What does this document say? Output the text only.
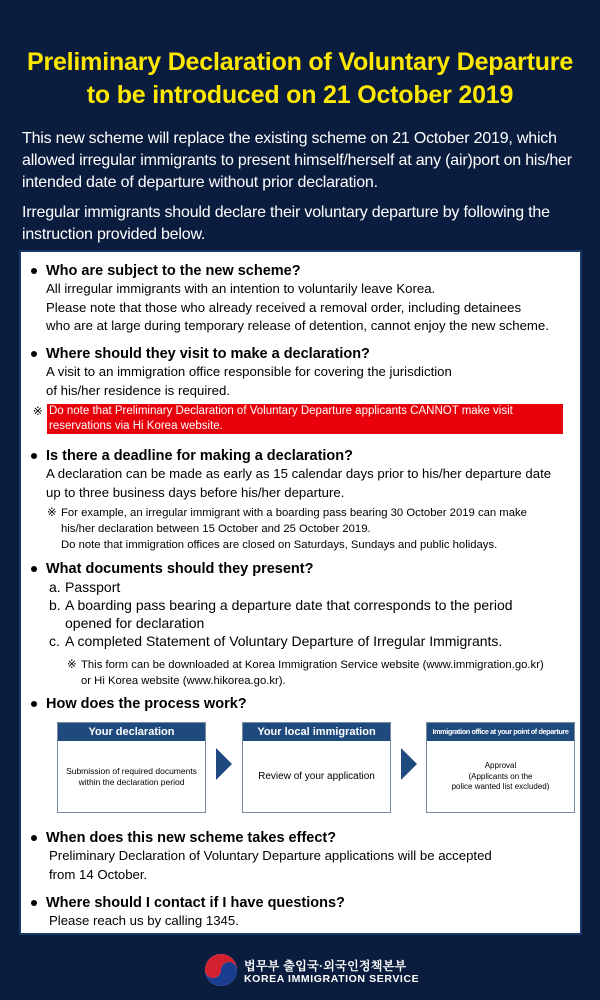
Preliminary Declaration of Voluntary Departure
to be introduced on 21 October 2019

This new scheme will replace the existing scheme on 21 October 2019, which allowed irregular immigrants to present himself/herself at any (air)port on his/her intended date of departure without prior declaration.

Irregular immigrants should declare their voluntary departure by following the instruction provided below.

Who are subject to the new scheme?
All irregular immigrants with an intention to voluntarily leave Korea.
Please note that those who already received a removal order, including detainees
who are at large during temporary release of detention, cannot enjoy the new scheme.
Where should they visit to make a declaration?
A visit to an immigration office responsible for covering the jurisdiction
of his/her residence is required.
※ Do note that Preliminary Declaration of Voluntary Departure applicants CANNOT make visit
reservations via Hi Korea website.
Is there a deadline for making a declaration?
A declaration can be made as early as 15 calendar days prior to his/her departure date
up to three business days before his/her departure.
※ For example, an irregular immigrant with a boarding pass bearing 30 October 2019 can make
his/her declaration between 15 October and 25 October 2019.
Do note that immigration offices are closed on Saturdays, Sundays and public holidays.
What documents should they present?
a. Passport
b. A boarding pass bearing a departure date that corresponds to the period
opened for declaration
c. A completed Statement of Voluntary Departure of Irregular Immigrants.
※ This form can be downloaded at Korea Immigration Service website (www.immigration.go.kr)
or Hi Korea website (www.hikorea.go.kr).
How does the process work?
Your declaration
Submission of required documents
within the declaration period
Your local immigration office
Review of your application
Immigration office at your point of departure
Approval
(Applicants on the
police wanted list excluded)
When does this new scheme takes effect?
Preliminary Declaration of Voluntary Departure applications will be accepted
from 14 October.
Where should I contact if I have questions?
Please reach us by calling 1345.
법무부 출입국·외국인정책본부
KOREA IMMIGRATION SERVICE
